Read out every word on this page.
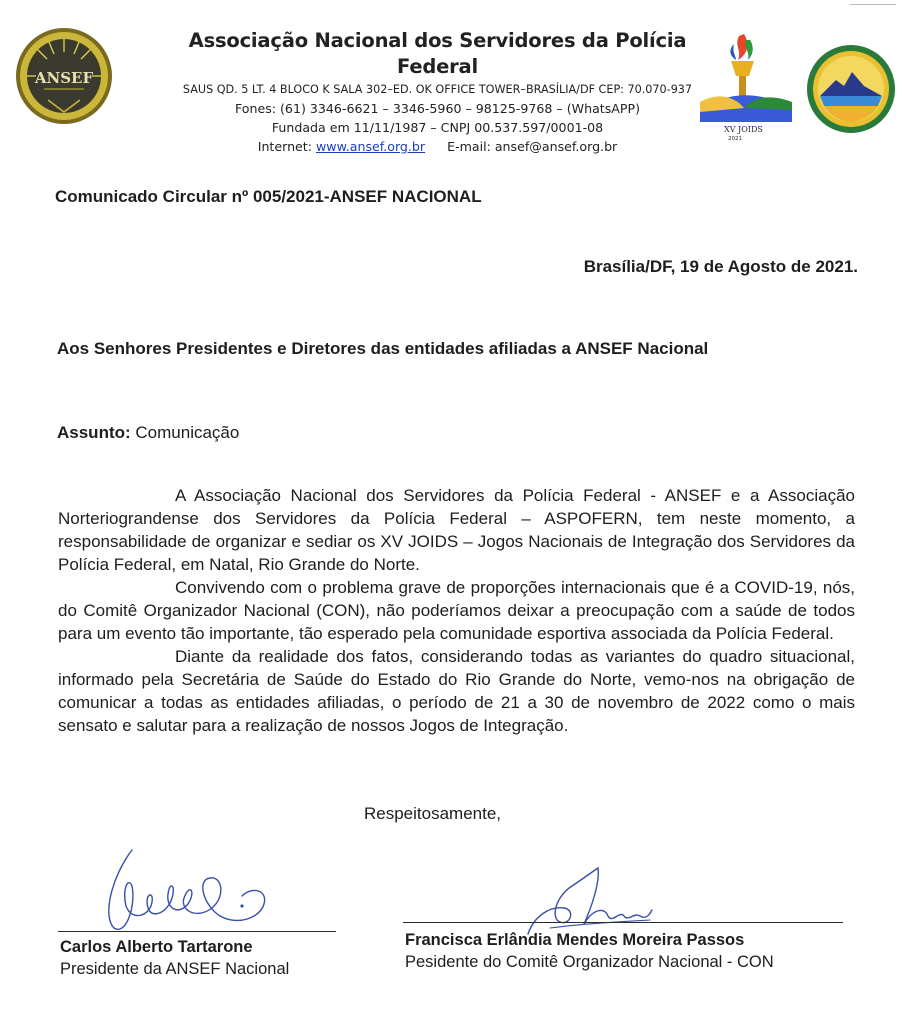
ANSEF
Associação Nacional dos Servidores da Polícia Federal
SAUS QD. 5 LT. 4 BLOCO K SALA 302–ED. OK OFFICE TOWER–BRASÍLIA/DF CEP: 70.070-937
Fones: (61) 3346-6621 – 3346-5960 – 98125-9768 – (WhatsAPP)
Fundada em 11/11/1987 – CNPJ 00.537.597/0001-08
Internet: www.ansef.org.br E-mail: ansef@ansef.org.br
XV JOIDS
2021
Comunicado Circular nº 005/2021-ANSEF NACIONAL
Brasília/DF, 19 de Agosto de 2021.
Aos Senhores Presidentes e Diretores das entidades afiliadas a ANSEF Nacional
Assunto: Comunicação

A Associação Nacional dos Servidores da Polícia Federal - ANSEF e a Associação Norteriograndense dos Servidores da Polícia Federal – ASPOFERN, tem neste momento, a responsabilidade de organizar e sediar os XV JOIDS – Jogos Nacionais de Integração dos Servidores da Polícia Federal, em Natal, Rio Grande do Norte.

Convivendo com o problema grave de proporções internacionais que é a COVID-19, nós, do Comitê Organizador Nacional (CON), não poderíamos deixar a preocupação com a saúde de todos para um evento tão importante, tão esperado pela comunidade esportiva associada da Polícia Federal.

Diante da realidade dos fatos, considerando todas as variantes do quadro situacional, informado pela Secretária de Saúde do Estado do Rio Grande do Norte, vemo-nos na obrigação de comunicar a todas as entidades afiliadas, o período de 21 a 30 de novembro de 2022 como o mais sensato e salutar para a realização de nossos Jogos de Integração.

Respeitosamente,
Carlos Alberto Tartarone
Presidente da ANSEF Nacional
Francisca Erlândia Mendes Moreira Passos
Pesidente do Comitê Organizador Nacional - CON
